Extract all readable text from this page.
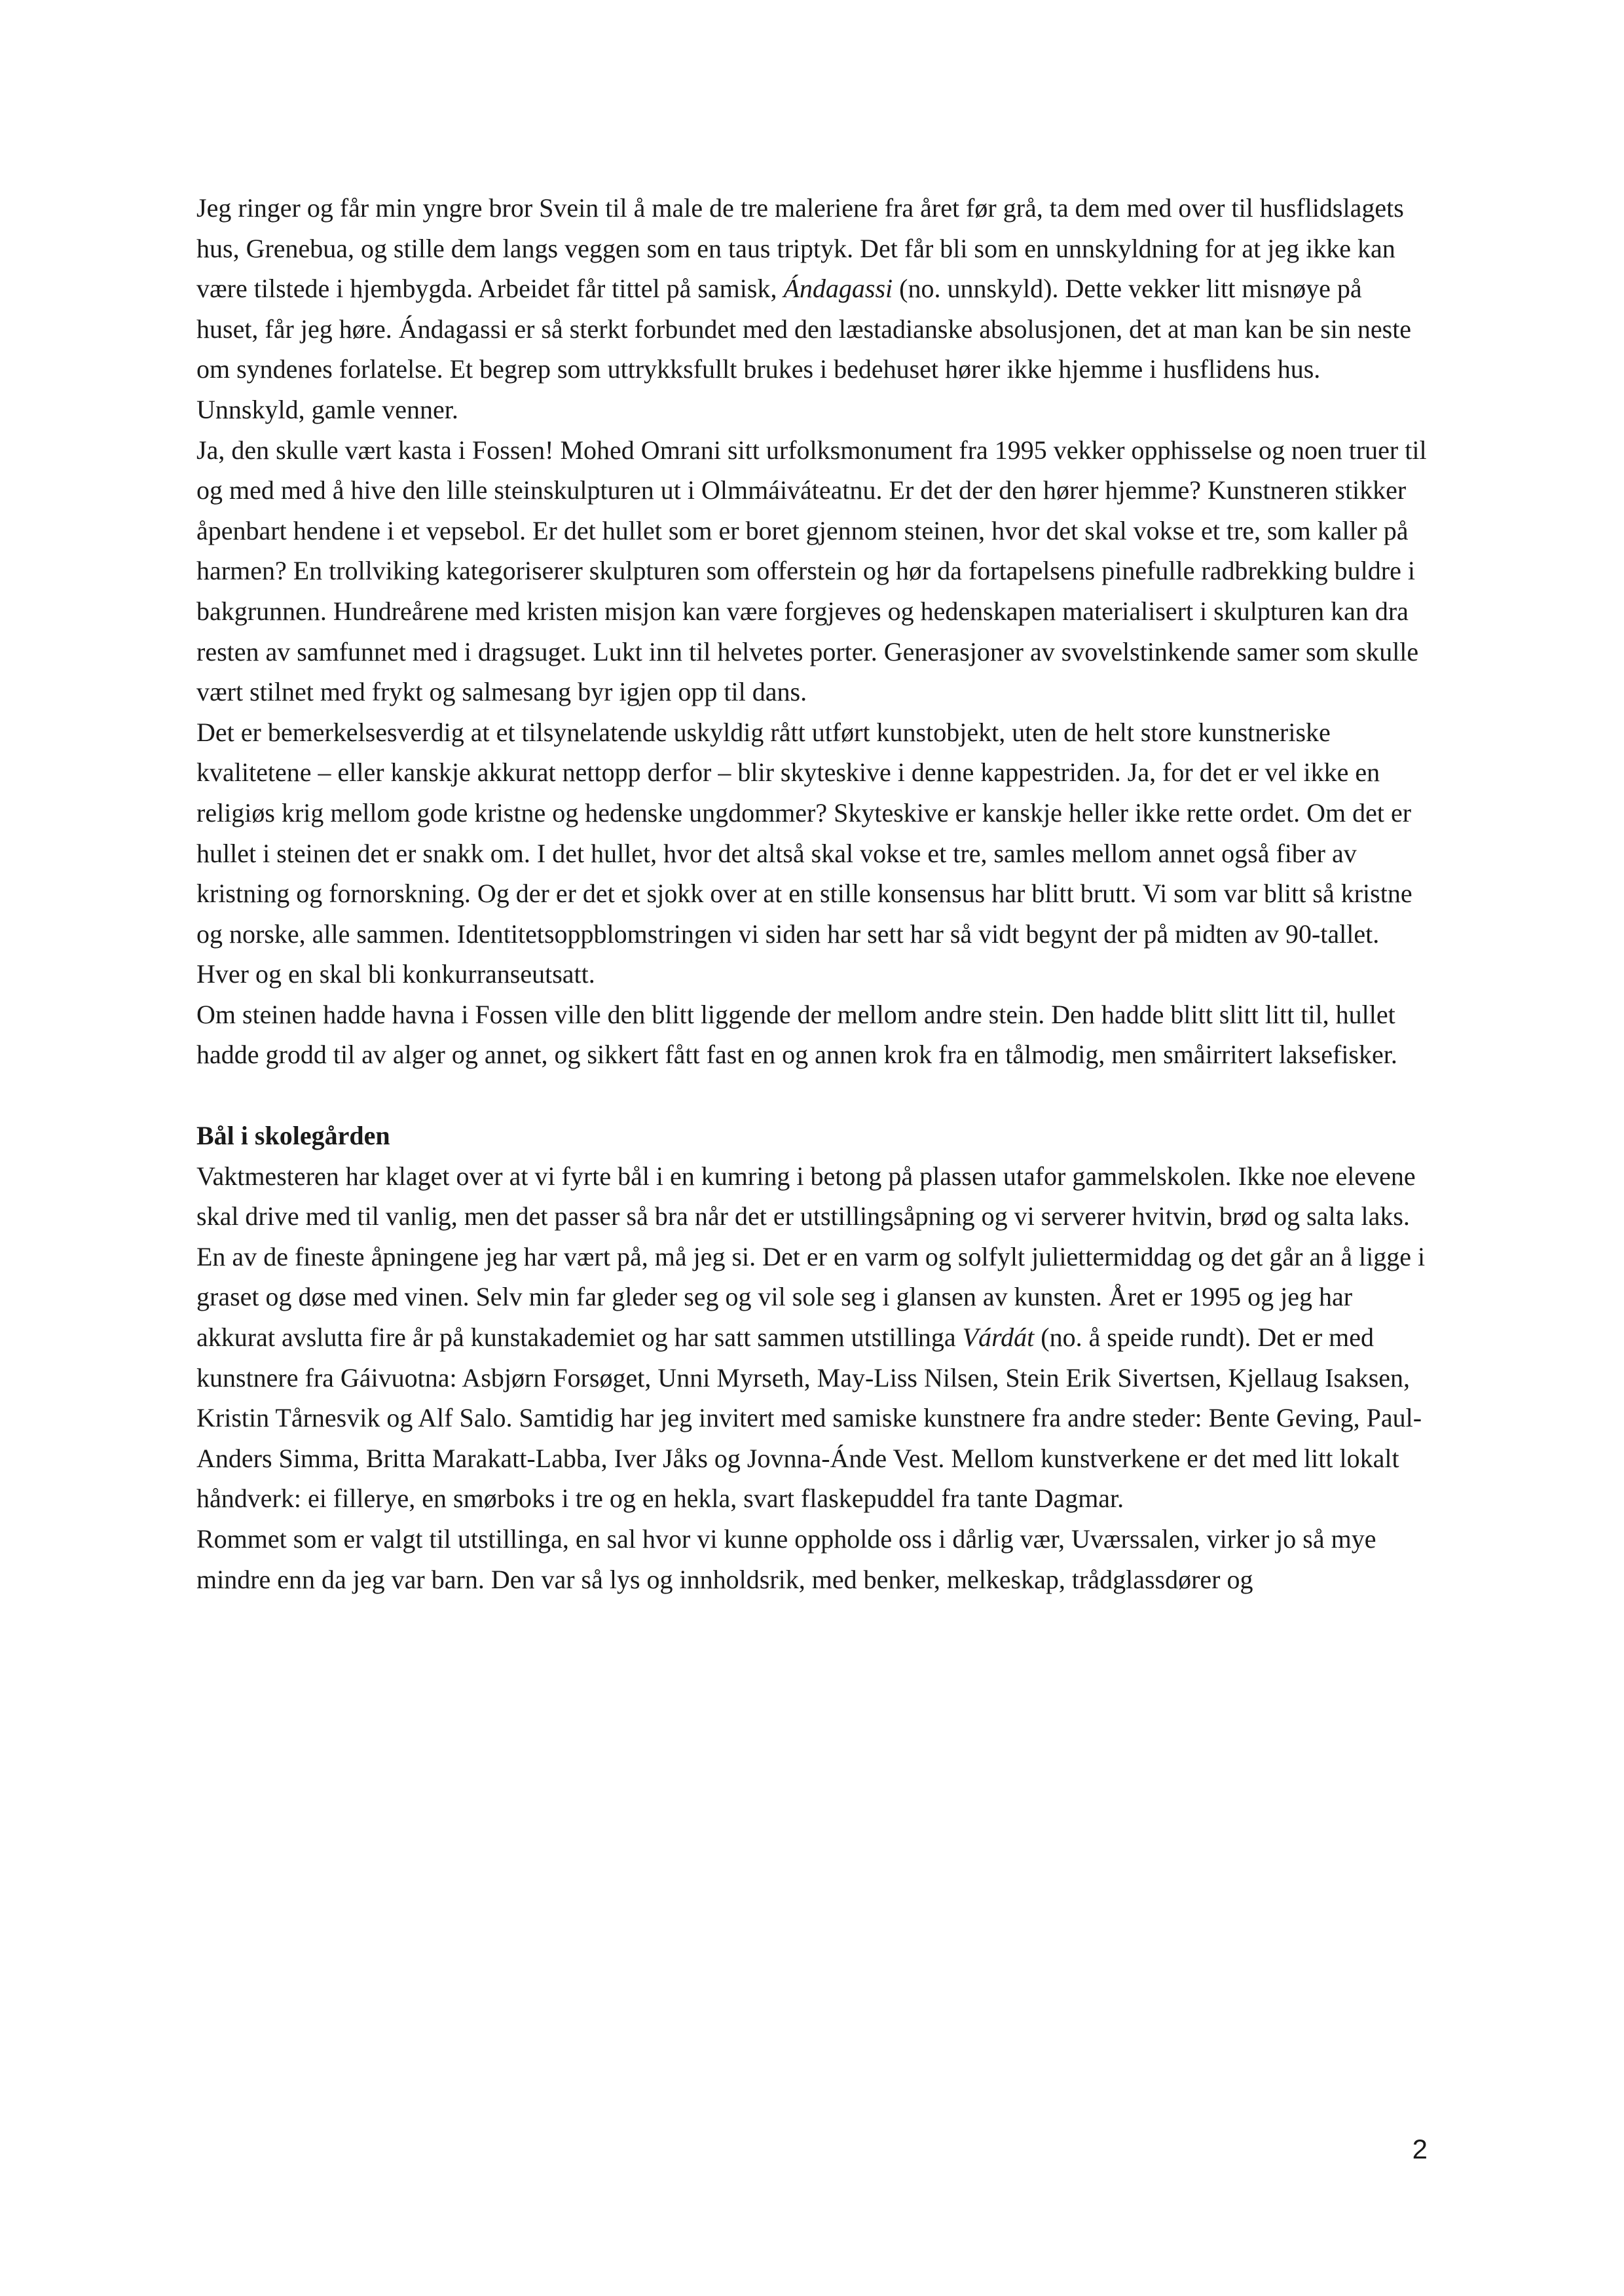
Jeg ringer og får min yngre bror Svein til å male de tre maleriene fra året før grå, ta dem med over til husflidslagets hus, Grenebua, og stille dem langs veggen som en taus triptyk. Det får bli som en unnskyldning for at jeg ikke kan være tilstede i hjembygda. Arbeidet får tittel på samisk, Ándagassi (no. unnskyld). Dette vekker litt misnøye på huset, får jeg høre. Ándagassi er så sterkt forbundet med den læstadianske absolusjonen, det at man kan be sin neste om syndenes forlatelse. Et begrep som uttrykksfullt brukes i bedehuset hører ikke hjemme i husflidens hus. Unnskyld, gamle venner.

Ja, den skulle vært kasta i Fossen! Mohed Omrani sitt urfolksmonument fra 1995 vekker opphisselse og noen truer til og med med å hive den lille steinskulpturen ut i Olmmáiváteatnu. Er det der den hører hjemme? Kunstneren stikker åpenbart hendene i et vepsebol. Er det hullet som er boret gjennom steinen, hvor det skal vokse et tre, som kaller på harmen? En trollviking kategoriserer skulpturen som offerstein og hør da fortapelsens pinefulle radbrekking buldre i bakgrunnen. Hundreårene med kristen misjon kan være forgjeves og hedenskapen materialisert i skulpturen kan dra resten av samfunnet med i dragsuget. Lukt inn til helvetes porter. Generasjoner av svovelstinkende samer som skulle vært stilnet med frykt og salmesang byr igjen opp til dans.

Det er bemerkelsesverdig at et tilsynelatende uskyldig rått utført kunstobjekt, uten de helt store kunstneriske kvalitetene – eller kanskje akkurat nettopp derfor – blir skyteskive i denne kappestriden. Ja, for det er vel ikke en religiøs krig mellom gode kristne og hedenske ungdommer? Skyteskive er kanskje heller ikke rette ordet. Om det er hullet i steinen det er snakk om. I det hullet, hvor det altså skal vokse et tre, samles mellom annet også fiber av kristning og fornorskning. Og der er det et sjokk over at en stille konsensus har blitt brutt. Vi som var blitt så kristne og norske, alle sammen. Identitetsoppblomstringen vi siden har sett har så vidt begynt der på midten av 90-tallet. Hver og en skal bli konkurranseutsatt.

Om steinen hadde havna i Fossen ville den blitt liggende der mellom andre stein. Den hadde blitt slitt litt til, hullet hadde grodd til av alger og annet, og sikkert fått fast en og annen krok fra en tålmodig, men småirritert laksefisker.

Bål i skolegården

Vaktmesteren har klaget over at vi fyrte bål i en kumring i betong på plassen utafor gammelskolen. Ikke noe elevene skal drive med til vanlig, men det passer så bra når det er utstillingsåpning og vi serverer hvitvin, brød og salta laks. En av de fineste åpningene jeg har vært på, må jeg si. Det er en varm og solfylt juliettermiddag og det går an å ligge i graset og døse med vinen. Selv min far gleder seg og vil sole seg i glansen av kunsten. Året er 1995 og jeg har akkurat avslutta fire år på kunstakademiet og har satt sammen utstillinga Várdát (no. å speide rundt). Det er med kunstnere fra Gáivuotna: Asbjørn Forsøget, Unni Myrseth, May-Liss Nilsen, Stein Erik Sivertsen, Kjellaug Isaksen, Kristin Tårnesvik og Alf Salo. Samtidig har jeg invitert med samiske kunstnere fra andre steder: Bente Geving, Paul-Anders Simma, Britta Marakatt-Labba, Iver Jåks og Jovnna-Ánde Vest. Mellom kunstverkene er det med litt lokalt håndverk: ei fillerye, en smørboks i tre og en hekla, svart flaskepuddel fra tante Dagmar.

Rommet som er valgt til utstillinga, en sal hvor vi kunne oppholde oss i dårlig vær, Uværssalen, virker jo så mye mindre enn da jeg var barn. Den var så lys og innholdsrik, med benker, melkeskap, trådglassdører og

2
